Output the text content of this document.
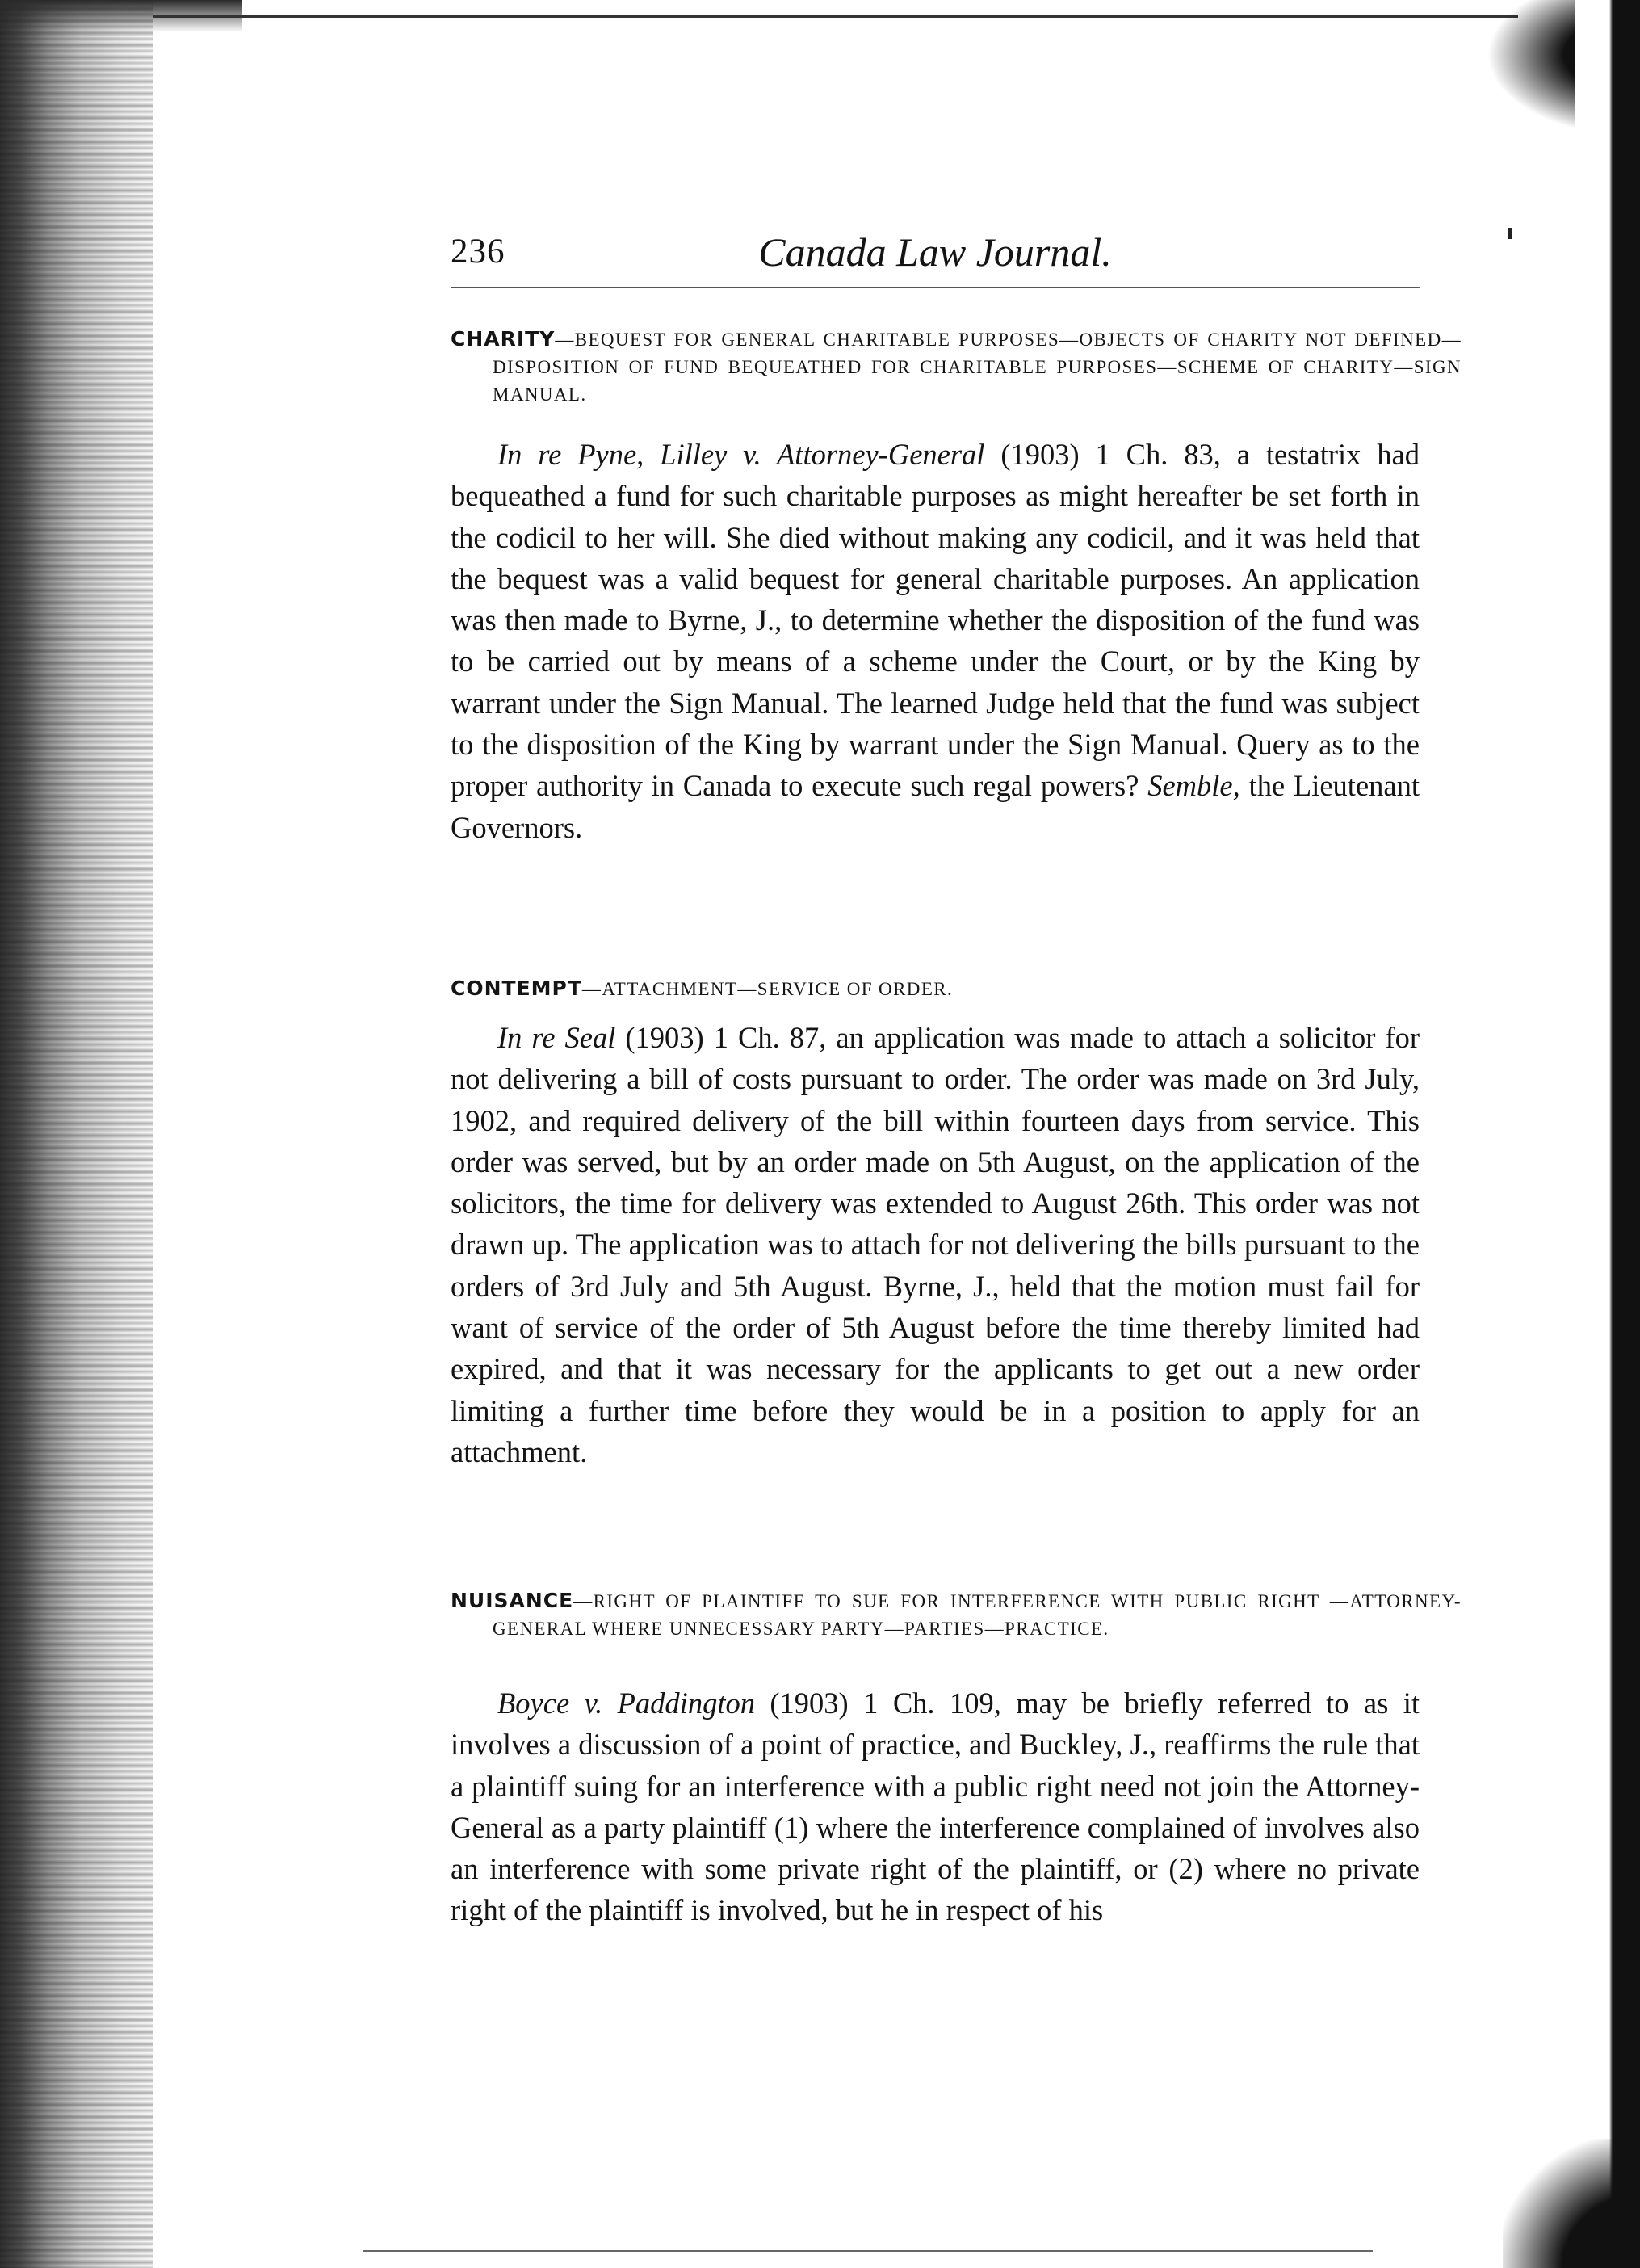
236	Canada Law Journal.

CHARITY—BEQUEST FOR GENERAL CHARITABLE PURPOSES—OBJECTS OF CHARITY NOT DEFINED—DISPOSITION OF FUND BEQUEATHED FOR CHARITABLE PURPOSES—SCHEME OF CHARITY—SIGN MANUAL.

In re Pyne, Lilley v. Attorney-General (1903) 1 Ch. 83, a testatrix had bequeathed a fund for such charitable purposes as might hereafter be set forth in the codicil to her will. She died without making any codicil, and it was held that the bequest was a valid bequest for general charitable purposes. An application was then made to Byrne, J., to determine whether the disposition of the fund was to be carried out by means of a scheme under the Court, or by the King by warrant under the Sign Manual. The learned Judge held that the fund was subject to the disposition of the King by warrant under the Sign Manual. Query as to the proper authority in Canada to execute such regal powers? Semble, the Lieutenant Governors.

CONTEMPT—ATTACHMENT—SERVICE OF ORDER.

In re Seal (1903) 1 Ch. 87, an application was made to attach a solicitor for not delivering a bill of costs pursuant to order. The order was made on 3rd July, 1902, and required delivery of the bill within fourteen days from service. This order was served, but by an order made on 5th August, on the application of the solicitors, the time for delivery was extended to August 26th. This order was not drawn up. The application was to attach for not delivering the bills pursuant to the orders of 3rd July and 5th August. Byrne, J., held that the motion must fail for want of service of the order of 5th August before the time thereby limited had expired, and that it was necessary for the applicants to get out a new order limiting a further time before they would be in a position to apply for an attachment.

NUISANCE—RIGHT OF PLAINTIFF TO SUE FOR INTERFERENCE WITH PUBLIC RIGHT —ATTORNEY-GENERAL WHERE UNNECESSARY PARTY—PARTIES—PRACTICE.

Boyce v. Paddington (1903) 1 Ch. 109, may be briefly referred to as it involves a discussion of a point of practice, and Buckley, J., reaffirms the rule that a plaintiff suing for an interference with a public right need not join the Attorney-General as a party plaintiff (1) where the interference complained of involves also an interference with some private right of the plaintiff, or (2) where no private right of the plaintiff is involved, but he in respect of his
